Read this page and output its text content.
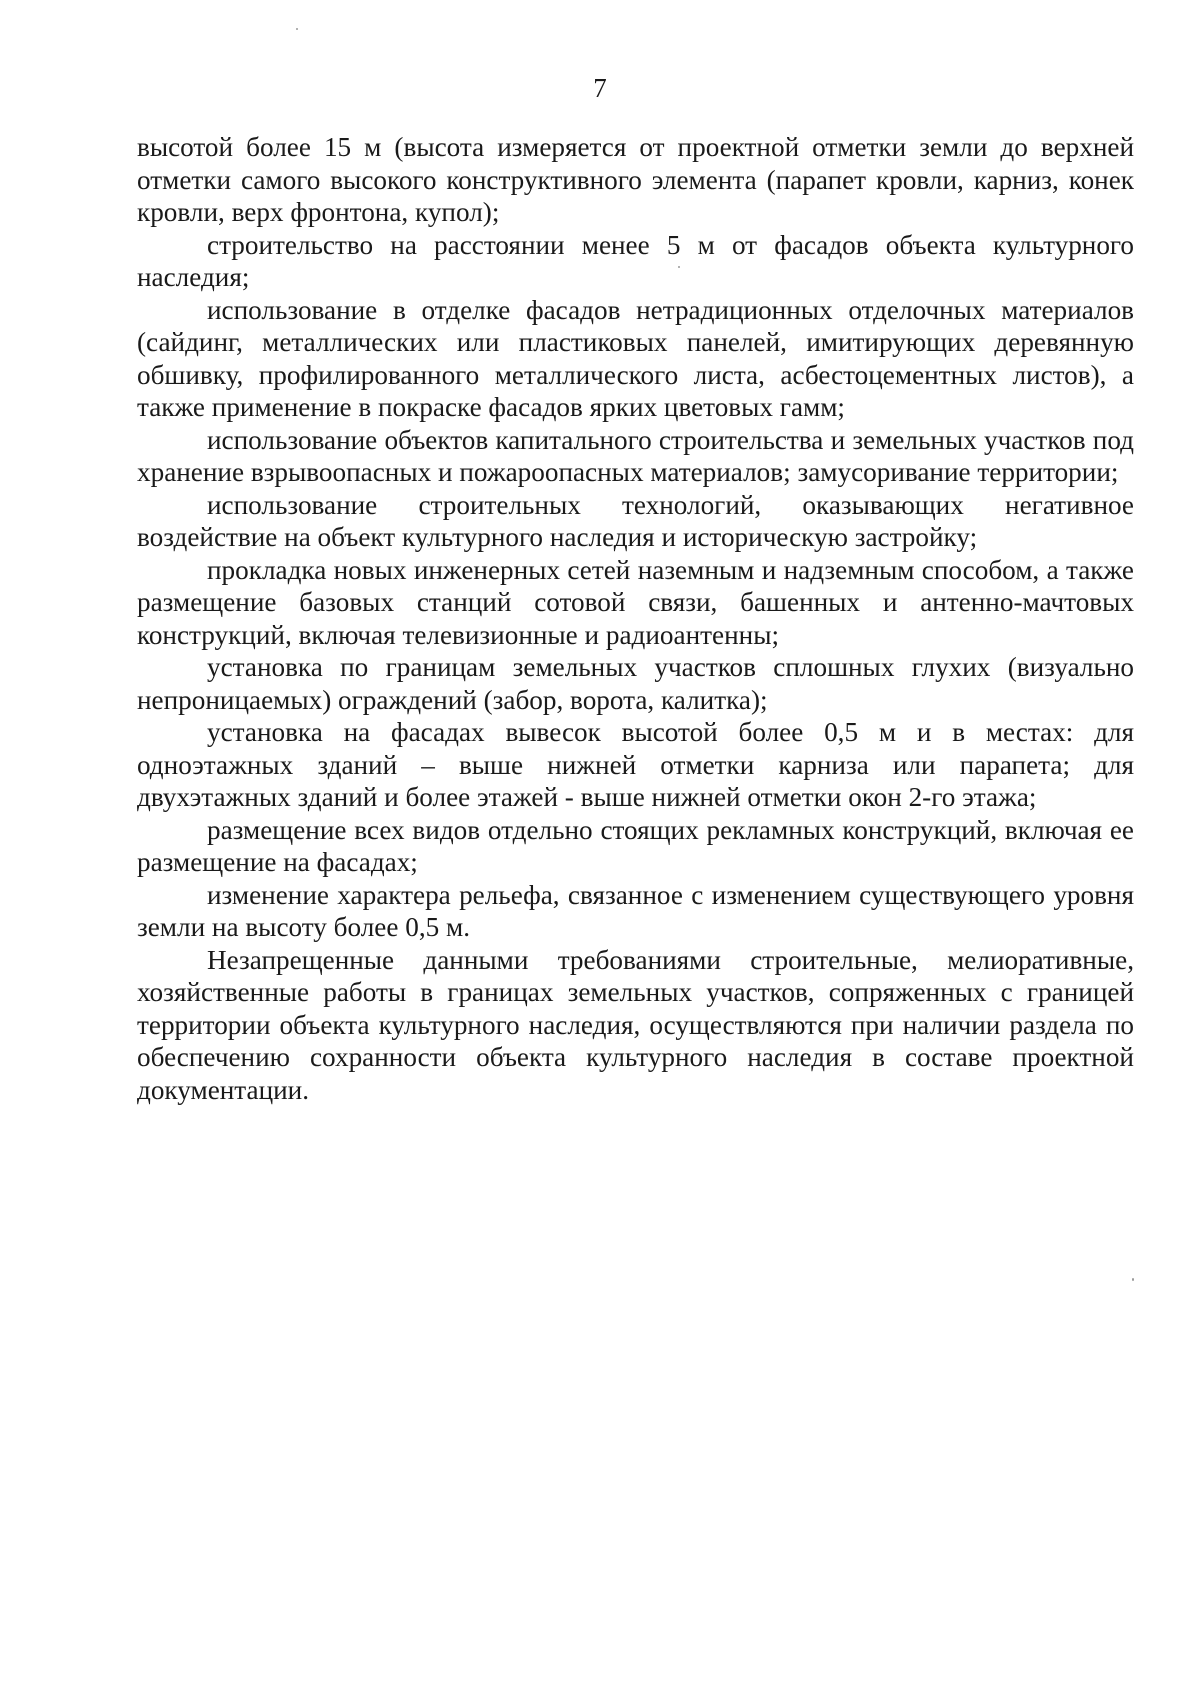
7

высотой более 15 м (высота измеряется от проектной отметки земли до верхней отметки самого высокого конструктивного элемента (парапет кровли, карниз, конек кровли, верх фронтона, купол);

строительство на расстоянии менее 5 м от фасадов объекта культурного наследия;

использование в отделке фасадов нетрадиционных отделочных материалов (сайдинг, металлических или пластиковых панелей, имитирующих деревянную обшивку, профилированного металлического листа, асбестоцементных листов), а также применение в покраске фасадов ярких цветовых гамм;

использование объектов капитального строительства и земельных участков под хранение взрывоопасных и пожароопасных материалов; замусоривание территории;

использование строительных технологий, оказывающих негативное воздействие на объект культурного наследия и историческую застройку;

прокладка новых инженерных сетей наземным и надземным способом, а также размещение базовых станций сотовой связи, башенных и антенно-мачтовых конструкций, включая телевизионные и радиоантенны;

установка по границам земельных участков сплошных глухих (визуально непроницаемых) ограждений (забор, ворота, калитка);

установка на фасадах вывесок высотой более 0,5 м и в местах: для одноэтажных зданий – выше нижней отметки карниза или парапета; для двухэтажных зданий и более этажей - выше нижней отметки окон 2-го этажа;

размещение всех видов отдельно стоящих рекламных конструкций, включая ее размещение на фасадах;

изменение характера рельефа, связанное с изменением существующего уровня земли на высоту более 0,5 м.

Незапрещенные данными требованиями строительные, мелиоративные, хозяйственные работы в границах земельных участков, сопряженных с границей территории объекта культурного наследия, осуществляются при наличии раздела по обеспечению сохранности объекта культурного наследия в составе проектной документации.
